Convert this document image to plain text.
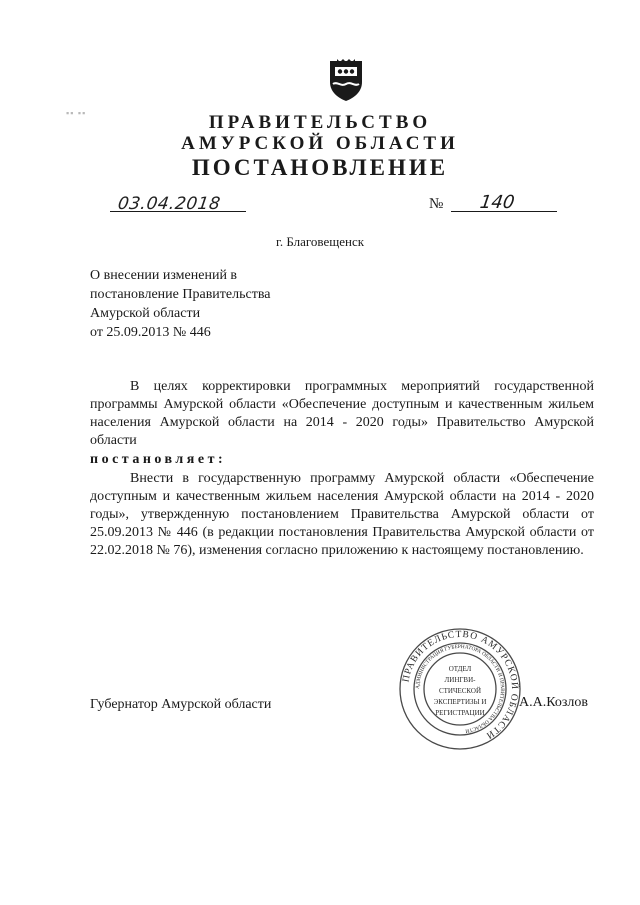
▪▪ ▪▪	ПРАВИТЕЛЬСТВО
АМУРСКОЙ ОБЛАСТИ
ПОСТАНОВЛЕНИЕ
03.04.2018	№ 140
г. Благовещенск
О внесении изменений в
постановление Правительства
Амурской области
от 25.09.2013 № 446
В целях корректировки программных мероприятий государственной программы Амурской области «Обеспечение доступным и качественным жильем населения Амурской области на 2014 - 2020 годы» Правительство Амурской области
постановляет:
Внести в государственную программу Амурской области «Обеспечение доступным и качественным жильем населения Амурской области на 2014 - 2020 годы», утвержденную постановлением Правительства Амурской области от 25.09.2013 № 446 (в редакции постановления Правительства Амурской области от 22.02.2018 № 76), изменения согласно приложению к настоящему постановлению.
ПРАВИТЕЛЬСТВО АМУРСКОЙ ОБЛАСТИ
АДМИНИСТРАЦИЯ ГУБЕРНАТОРА ОБЛАСТИ И ПРАВИТЕЛЬСТВА ОБЛАСТИ
ОТДЕЛ
ЛИНГВИ-
СТИЧЕСКОЙ
ЭКСПЕРТИЗЫ И
РЕГИСТРАЦИИ
Губернатор Амурской области	А.А.Козлов
